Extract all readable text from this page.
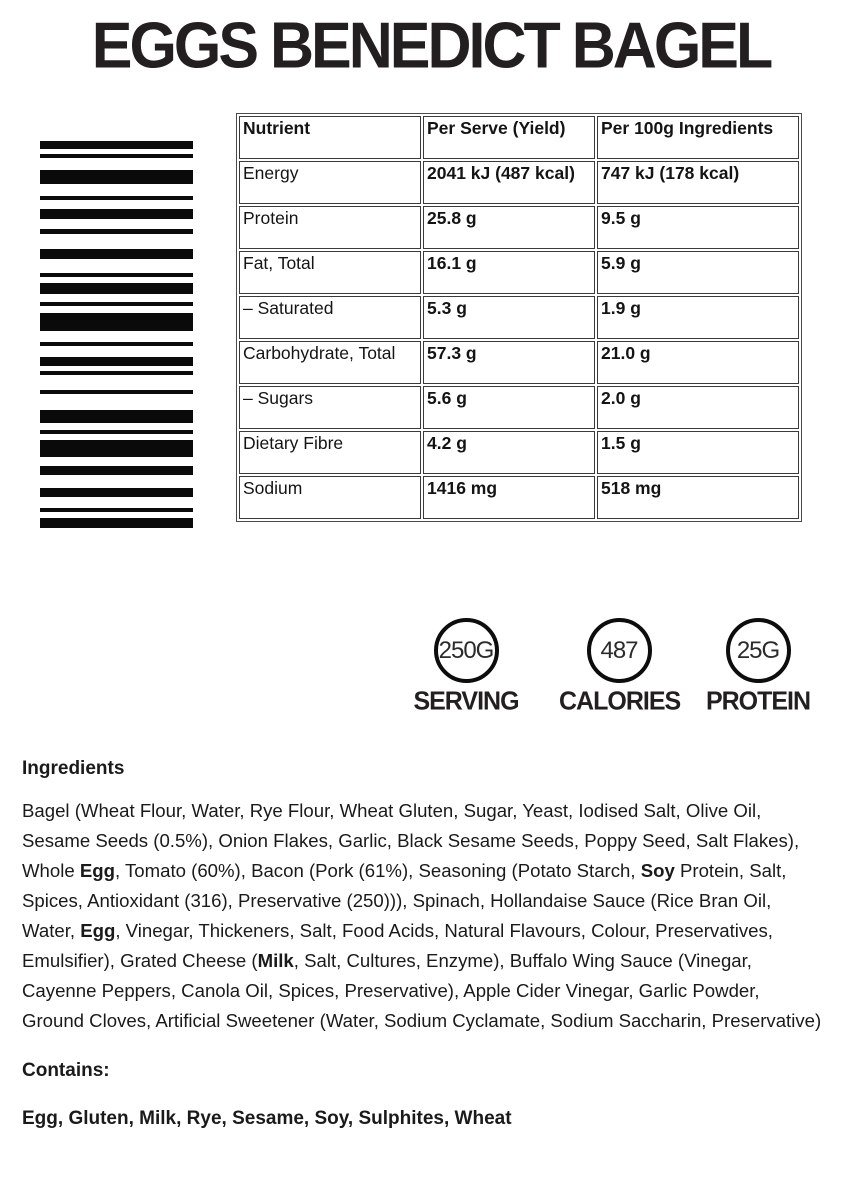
EGGS BENEDICT BAGEL
Nutrient	Per Serve (Yield)	Per 100g Ingredients
Energy	2041 kJ (487 kcal)	747 kJ (178 kcal)
Protein	25.8 g	9.5 g
Fat, Total	16.1 g	5.9 g
– Saturated	5.3 g	1.9 g
Carbohydrate, Total	57.3 g	21.0 g
– Sugars	5.6 g	2.0 g
Dietary Fibre	4.2 g	1.5 g
Sodium	1416 mg	518 mg
250G
SERVING
487
CALORIES
25G
PROTEIN
Ingredients

Bagel (Wheat Flour, Water, Rye Flour, Wheat Gluten, Sugar, Yeast, Iodised Salt, Olive Oil, Sesame Seeds (0.5%), Onion Flakes, Garlic, Black Sesame Seeds, Poppy Seed, Salt Flakes), Whole Egg, Tomato (60%), Bacon (Pork (61%), Seasoning (Potato Starch, Soy Protein, Salt, Spices, Antioxidant (316), Preservative (250))), Spinach, Hollandaise Sauce (Rice Bran Oil, Water, Egg, Vinegar, Thickeners, Salt, Food Acids, Natural Flavours, Colour, Preservatives, Emulsifier), Grated Cheese (Milk, Salt, Cultures, Enzyme), Buffalo Wing Sauce (Vinegar, Cayenne Peppers, Canola Oil, Spices, Preservative), Apple Cider Vinegar, Garlic Powder, Ground Cloves, Artificial Sweetener (Water, Sodium Cyclamate, Sodium Saccharin, Preservative)

Contains:
Egg, Gluten, Milk, Rye, Sesame, Soy, Sulphites, Wheat
